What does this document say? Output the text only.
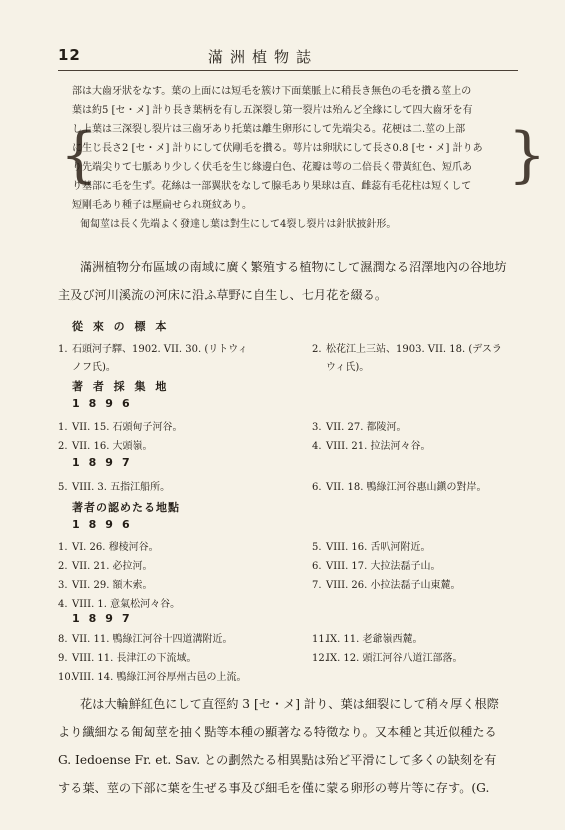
12	滿洲植物誌
{	}
部は大齒牙狀をなす。葉の上面には短毛を簇け下面葉脈上に稍長き無色の毛を攢る莖上の
葉は約5 [セ・メ] 計り長き葉柄を有し五深裂し第一裂片は殆んど全緣にして四大齒牙を有
し上葉は三深裂し裂片は三齒牙あり托葉は離生卵形にして先端尖る。花梗は二.莖の上部
に生じ長さ2 [セ・メ] 計りにして伏剛毛を攢る。萼片は卵狀にして長さ0.8 [セ・メ] 計りあ
り先端尖りて七脈あり少しく伏毛を生じ緣邊白色、花瓣は萼の二倍長く帶黃紅色、短爪あ
り基部に毛を生ず。花絲は一部翼狀をなして腺毛あり果球は直、雌蕊有毛花柱は短くして
短剛毛あり種子は壓扁せられ斑紋あり。
匍匐莖は長く先端よく發達し葉は對生にして4裂し裂片は針狀披針形。
滿洲植物分布區域の南域に廣く繁殖する植物にして濕潤なる沼澤地內の谷地坊
主及び河川溪流の河床に沿ふ草野に自生し、七月花を綴る。
從 來 の 標 本
1. 石頭河子驛、1902. VII. 30. (リトウィ
ノフ氏)。
2. 松花江上三站、1903. VII. 18. (デスラ
ウィ氏)。
著 者 採 集 地
1896
1. VII. 15. 石頭甸子河谷。
2. VII. 16. 大頭嶺。
3. VII. 27. 都陵河。
4. VIII. 21. 拉法河々谷。
1897
5. VIII. 3. 五指江船所。	6. VII. 18. 鴨綠江河谷惠山鎭の對岸。
著者の認めたる地點
1896
1. VI. 26. 穆棱河谷。
2. VII. 21. 必拉河。
3. VII. 29. 額木索。
4. VIII. 1. 意氣松河々谷。
5. VIII. 16. 舌叭河附近。
6. VIII. 17. 大拉法磊子山。
7. VIII. 26. 小拉法磊子山東麓。
1897
8. VII. 11. 鴨綠江河谷十四道溝附近。
9. VIII. 11. 長津江の下流域。
11.IX. 11. 老爺嶺西麓。
12.IX. 12. 頭江河谷八道江部落。
10.VIII. 14. 鴨綠江河谷厚州古邑の上流。
花は大輪鮮紅色にして直徑約 3 [セ・メ] 計り、葉は細裂にして稍々厚く根際
より纖細なる匍匐莖を抽く點等本種の顯著なる特徵なり。又本種と其近似種たる
G. Iedoense Fr. et. Sav. との劃然たる相異點は殆ど平滑にして多くの缺刻を有
する葉、莖の下部に葉を生ぜる事及び細毛を僅に蒙る卵形の萼片等に存す。(G.
